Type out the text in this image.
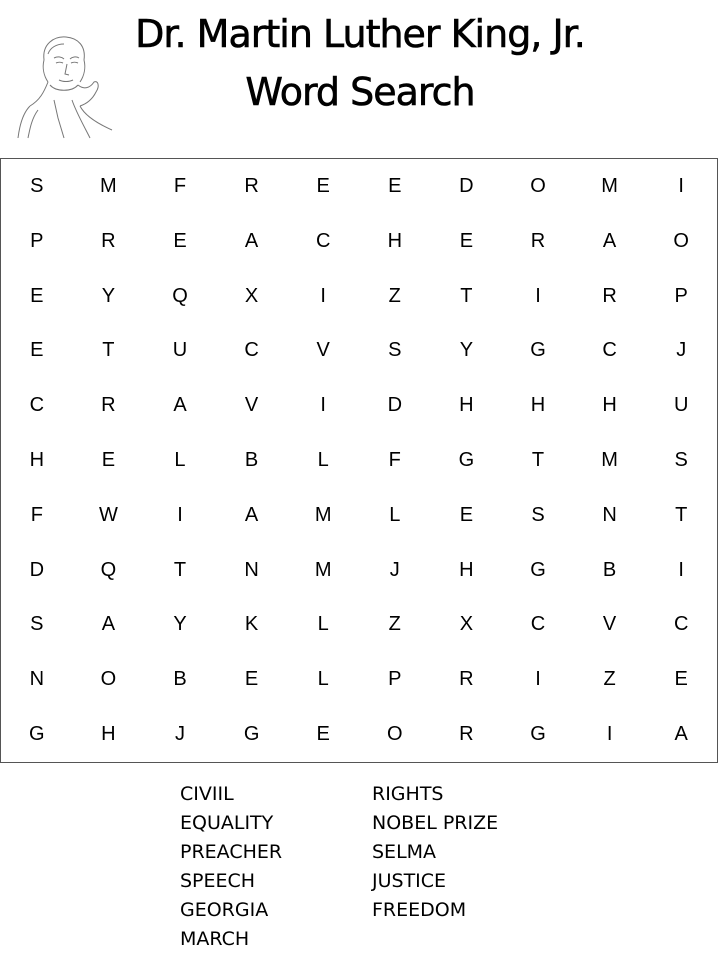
Dr. Martin Luther King, Jr.
Word Search
S	M	F	R	E	E	D	O	M	I
P	R	E	A	C	H	E	R	A	O
E	Y	Q	X	I	Z	T	I	R	P
E	T	U	C	V	S	Y	G	C	J
C	R	A	V	I	D	H	H	H	U
H	E	L	B	L	F	G	T	M	S
F	W	I	A	M	L	E	S	N	T
D	Q	T	N	M	J	H	G	B	I
S	A	Y	K	L	Z	X	C	V	C
N	O	B	E	L	P	R	I	Z	E
G	H	J	G	E	O	R	G	I	A
CIVIIL
EQUALITY
PREACHER
SPEECH
GEORGIA
MARCH
RIGHTS
NOBEL PRIZE
SELMA
JUSTICE
FREEDOM
